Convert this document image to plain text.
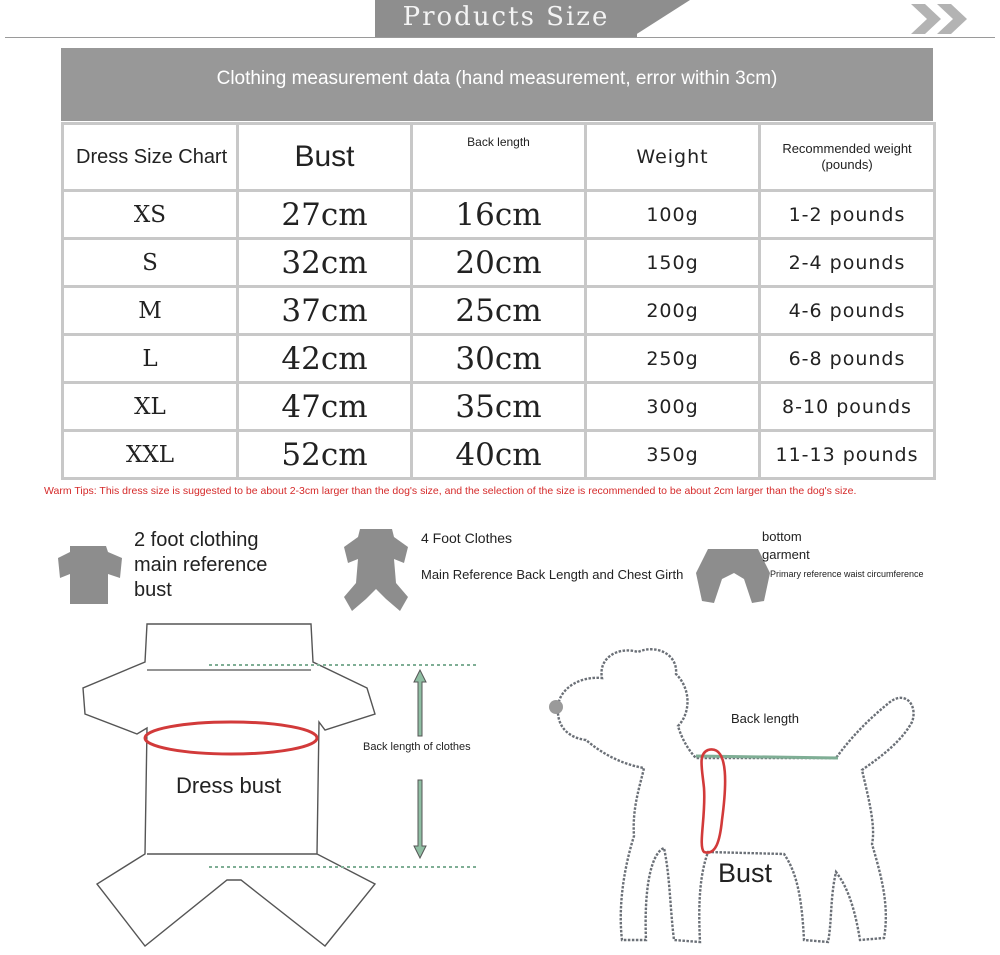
Products Size
Clothing measurement data (hand measurement, error within 3cm)
Dress Size Chart	Bust	Back length	Weight	Recommended weight
(pounds)

XS	27cm	16cm	100g	1-2 pounds
S	32cm	20cm	150g	2-4 pounds
M	37cm	25cm	200g	4-6 pounds
L	42cm	30cm	250g	6-8 pounds
XL	47cm	35cm	300g	8-10 pounds
XXL	52cm	40cm	350g	11-13 pounds
Warm Tips: This dress size is suggested to be about 2-3cm larger than the dog's size, and the selection of the size is recommended to be about 2cm larger than the dog's size.
2 foot clothing
main reference
bust
4 Foot Clothes
Main Reference Back Length and Chest Girth
bottom
garment
Primary reference waist circumference
Back length of clothes
Dress bust
Back length
Bust
